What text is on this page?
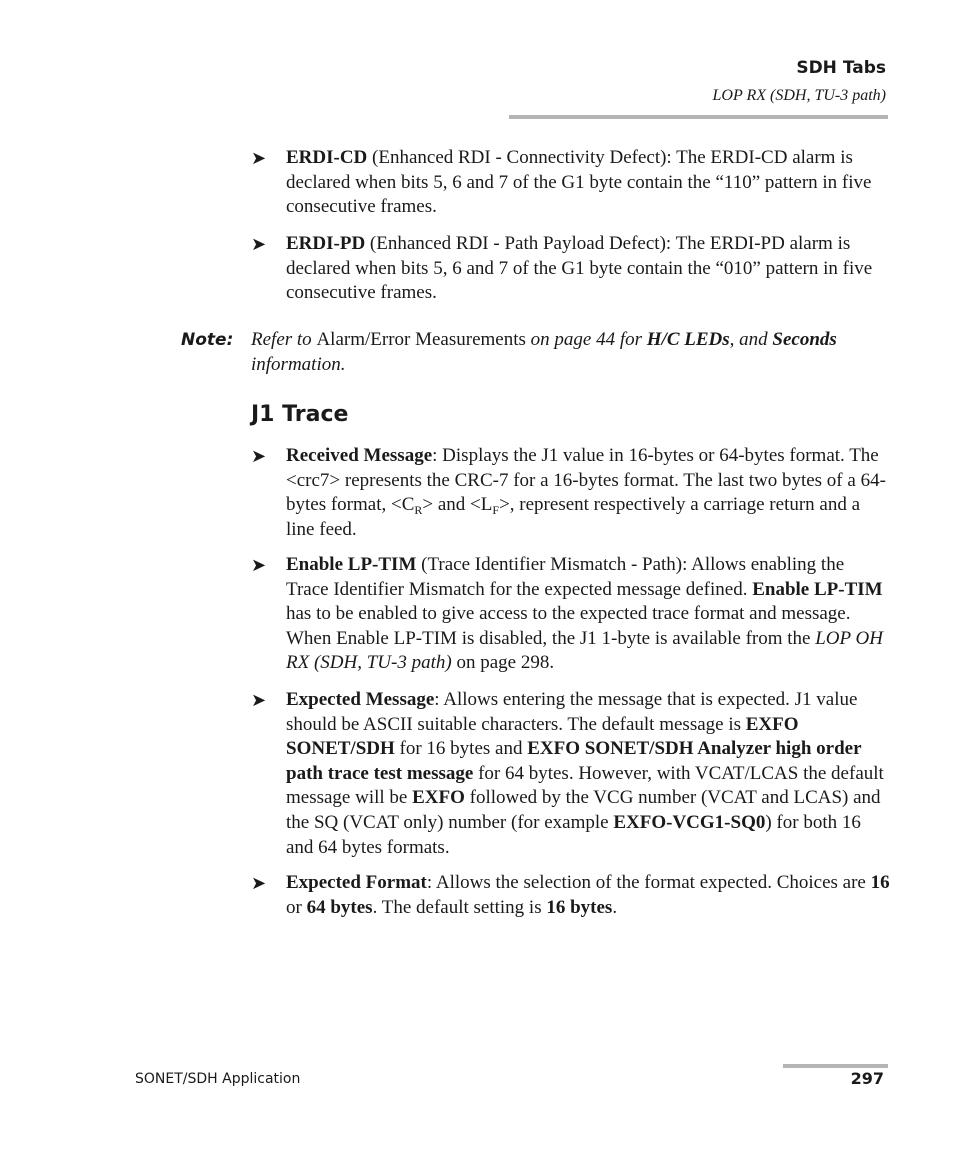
SDH Tabs
LOP RX (SDH, TU-3 path)
➤ ERDI-CD (Enhanced RDI - Connectivity Defect): The ERDI-CD alarm is declared when bits 5, 6 and 7 of the G1 byte contain the “110” pattern in five consecutive frames.
➤ ERDI-PD (Enhanced RDI - Path Payload Defect): The ERDI-PD alarm is declared when bits 5, 6 and 7 of the G1 byte contain the “010” pattern in five consecutive frames.
Note: Refer to Alarm/Error Measurements on page 44 for H/C LEDs, and Seconds information.
J1 Trace
➤ Received Message: Displays the J1 value in 16-bytes or 64-bytes format. The <crc7> represents the CRC-7 for a 16-bytes format. The last two bytes of a 64-bytes format, $<C_R>$ and $<L_F>$, represent respectively a carriage return and a line feed.
➤ Enable LP-TIM (Trace Identifier Mismatch - Path): Allows enabling the Trace Identifier Mismatch for the expected message defined. Enable LP-TIM has to be enabled to give access to the expected trace format and message. When Enable LP-TIM is disabled, the J1 1-byte is available from the LOP OH RX (SDH, TU-3 path) on page 298.
➤ Expected Message: Allows entering the message that is expected. J1 value should be ASCII suitable characters. The default message is EXFO SONET/SDH for 16 bytes and EXFO SONET/SDH Analyzer high order path trace test message for 64 bytes. However, with VCAT/LCAS the default message will be EXFO followed by the VCG number (VCAT and LCAS) and the SQ (VCAT only) number (for example EXFO-VCG1-SQ0) for both 16 and 64 bytes formats.
➤ Expected Format: Allows the selection of the format expected. Choices are 16 or 64 bytes. The default setting is 16 bytes.
SONET/SDH Application	297
